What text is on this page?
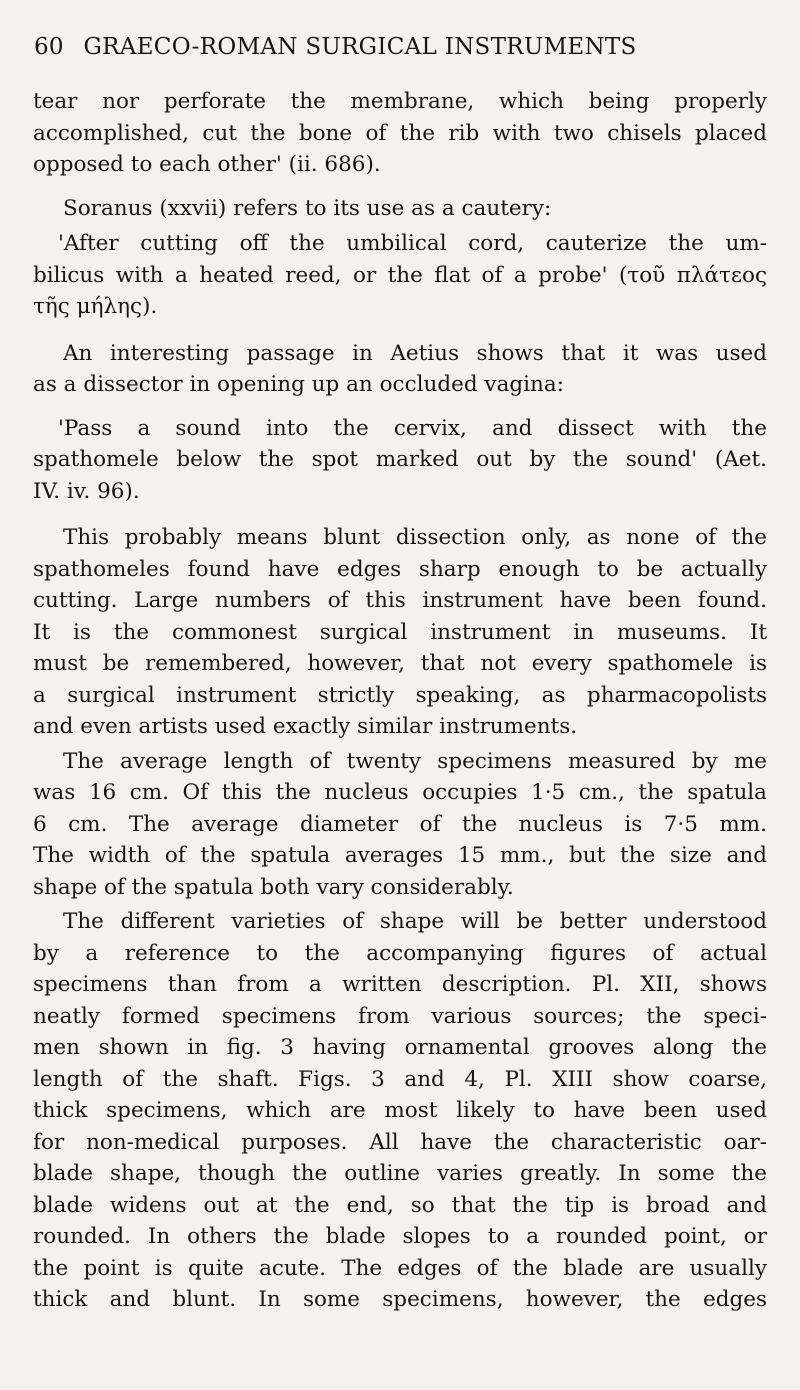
60 GRAECO-ROMAN SURGICAL INSTRUMENTS
tear nor perforate the membrane, which being properly
accomplished, cut the bone of the rib with two chisels placed
opposed to each other' (ii. 686).
Soranus (xxvii) refers to its use as a cautery:
'After cutting off the umbilical cord, cauterize the um-
bilicus with a heated reed, or the flat of a probe' (τοῦ πλάτεος
τῆς μήλης).
An interesting passage in Aetius shows that it was used
as a dissector in opening up an occluded vagina:
'Pass a sound into the cervix, and dissect with the
spathomele below the spot marked out by the sound' (Aet.
IV. iv. 96).
This probably means blunt dissection only, as none of the
spathomeles found have edges sharp enough to be actually
cutting. Large numbers of this instrument have been found.
It is the commonest surgical instrument in museums. It
must be remembered, however, that not every spathomele is
a surgical instrument strictly speaking, as pharmacopolists
and even artists used exactly similar instruments.
The average length of twenty specimens measured by me
was 16 cm. Of this the nucleus occupies 1·5 cm., the spatula
6 cm. The average diameter of the nucleus is 7·5 mm.
The width of the spatula averages 15 mm., but the size and
shape of the spatula both vary considerably.
The different varieties of shape will be better understood
by a reference to the accompanying figures of actual
specimens than from a written description. Pl. XII, shows
neatly formed specimens from various sources; the speci-
men shown in fig. 3 having ornamental grooves along the
length of the shaft. Figs. 3 and 4, Pl. XIII show coarse,
thick specimens, which are most likely to have been used
for non-medical purposes. All have the characteristic oar-
blade shape, though the outline varies greatly. In some the
blade widens out at the end, so that the tip is broad and
rounded. In others the blade slopes to a rounded point, or
the point is quite acute. The edges of the blade are usually
thick and blunt. In some specimens, however, the edges
